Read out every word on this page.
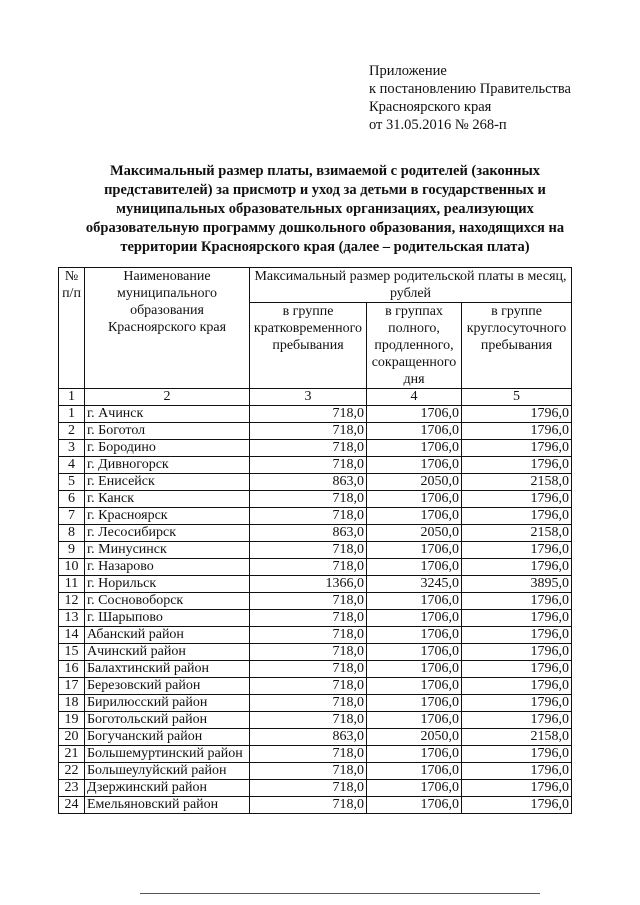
Приложение
к постановлению Правительства
Красноярского края
от 31.05.2016 № 268-п
Максимальный размер платы, взимаемой с родителей (законных
представителей) за присмотр и уход за детьми в государственных и
муниципальных образовательных организациях, реализующих
образовательную программу дошкольного образования, находящихся на
территории Красноярского края (далее – родительская плата)
№ п/п	Наименование муниципального образования Красноярского края	Максимальный размер родительской платы в месяц, рублей		
		в группе кратковременного пребывания	в группах полного, продленного, сокращенного дня	в группе круглосуточного пребывания
1	2	3	4	5
1	г. Ачинск	718,0	1706,0	1796,0
2	г. Боготол	718,0	1706,0	1796,0
3	г. Бородино	718,0	1706,0	1796,0
4	г. Дивногорск	718,0	1706,0	1796,0
5	г. Енисейск	863,0	2050,0	2158,0
6	г. Канск	718,0	1706,0	1796,0
7	г. Красноярск	718,0	1706,0	1796,0
8	г. Лесосибирск	863,0	2050,0	2158,0
9	г. Минусинск	718,0	1706,0	1796,0
10	г. Назарово	718,0	1706,0	1796,0
11	г. Норильск	1366,0	3245,0	3895,0
12	г. Сосновоборск	718,0	1706,0	1796,0
13	г. Шарыпово	718,0	1706,0	1796,0
14	Абанский район	718,0	1706,0	1796,0
15	Ачинский район	718,0	1706,0	1796,0
16	Балахтинский район	718,0	1706,0	1796,0
17	Березовский район	718,0	1706,0	1796,0
18	Бирилюсский район	718,0	1706,0	1796,0
19	Боготольский район	718,0	1706,0	1796,0
20	Богучанский район	863,0	2050,0	2158,0
21	Большемуртинский район	718,0	1706,0	1796,0
22	Большеулуйский район	718,0	1706,0	1796,0
23	Дзержинский район	718,0	1706,0	1796,0
24	Емельяновский район	718,0	1706,0	1796,0
